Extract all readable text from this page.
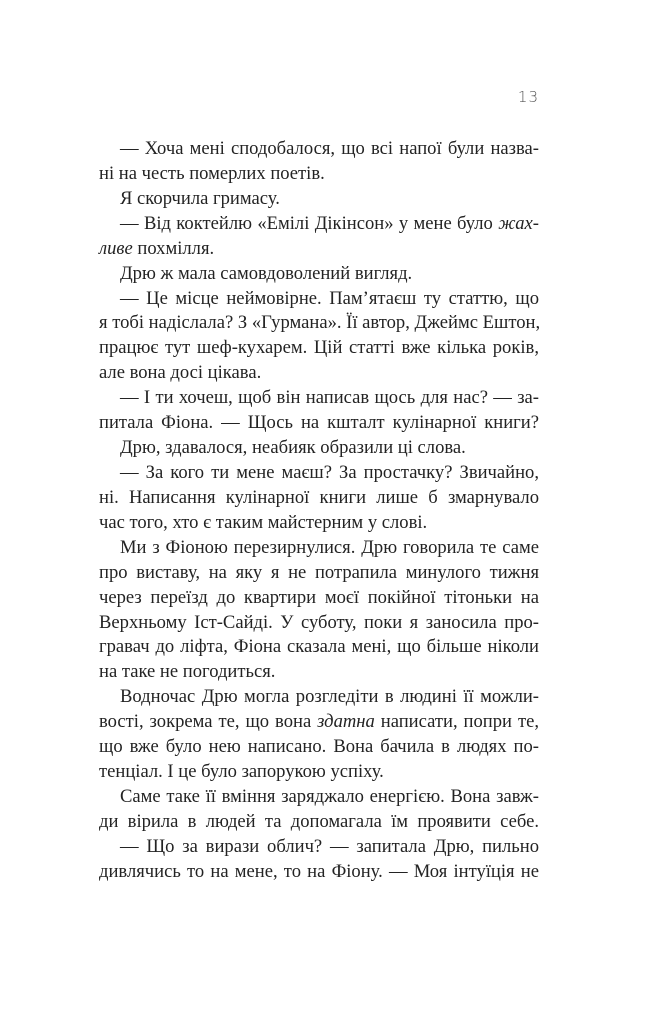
13
— Хоча мені сподобалося, що всі напої були назва-
ні на честь померлих поетів.
Я скорчила гримасу.
— Від коктейлю «Емілі Дікінсон» у мене було жах-
ливе похмілля.
Дрю ж мала самовдоволений вигляд.
— Це місце неймовірне. Пам’ятаєш ту статтю, що
я тобі надіслала? З «Гурмана». Її автор, Джеймс Ештон,
працює тут шеф-кухарем. Цій статті вже кілька років,
але вона досі цікава.
— І ти хочеш, щоб він написав щось для нас? — за-
питала Фіона. — Щось на кшталт кулінарної книги?
Дрю, здавалося, неабияк образили ці слова.
— За кого ти мене маєш? За простачку? Звичайно,
ні. Написання кулінарної книги лише б змарнувало
час того, хто є таким майстерним у слові.
Ми з Фіоною перезирнулися. Дрю говорила те саме
про виставу, на яку я не потрапила минулого тижня
через переїзд до квартири моєї покійної тітоньки на
Верхньому Іст-Сайді. У суботу, поки я заносила про-
гравач до ліфта, Фіона сказала мені, що більше ніколи
на таке не погодиться.
Водночас Дрю могла розгледіти в людині її можли-
вості, зокрема те, що вона здатна написати, попри те,
що вже було нею написано. Вона бачила в людях по-
тенціал. І це було запорукою успіху.
Саме таке її вміння заряджало енергією. Вона завж-
ди вірила в людей та допомагала їм проявити себе.
— Що за вирази облич? — запитала Дрю, пильно
дивлячись то на мене, то на Фіону. — Моя інтуїція не
